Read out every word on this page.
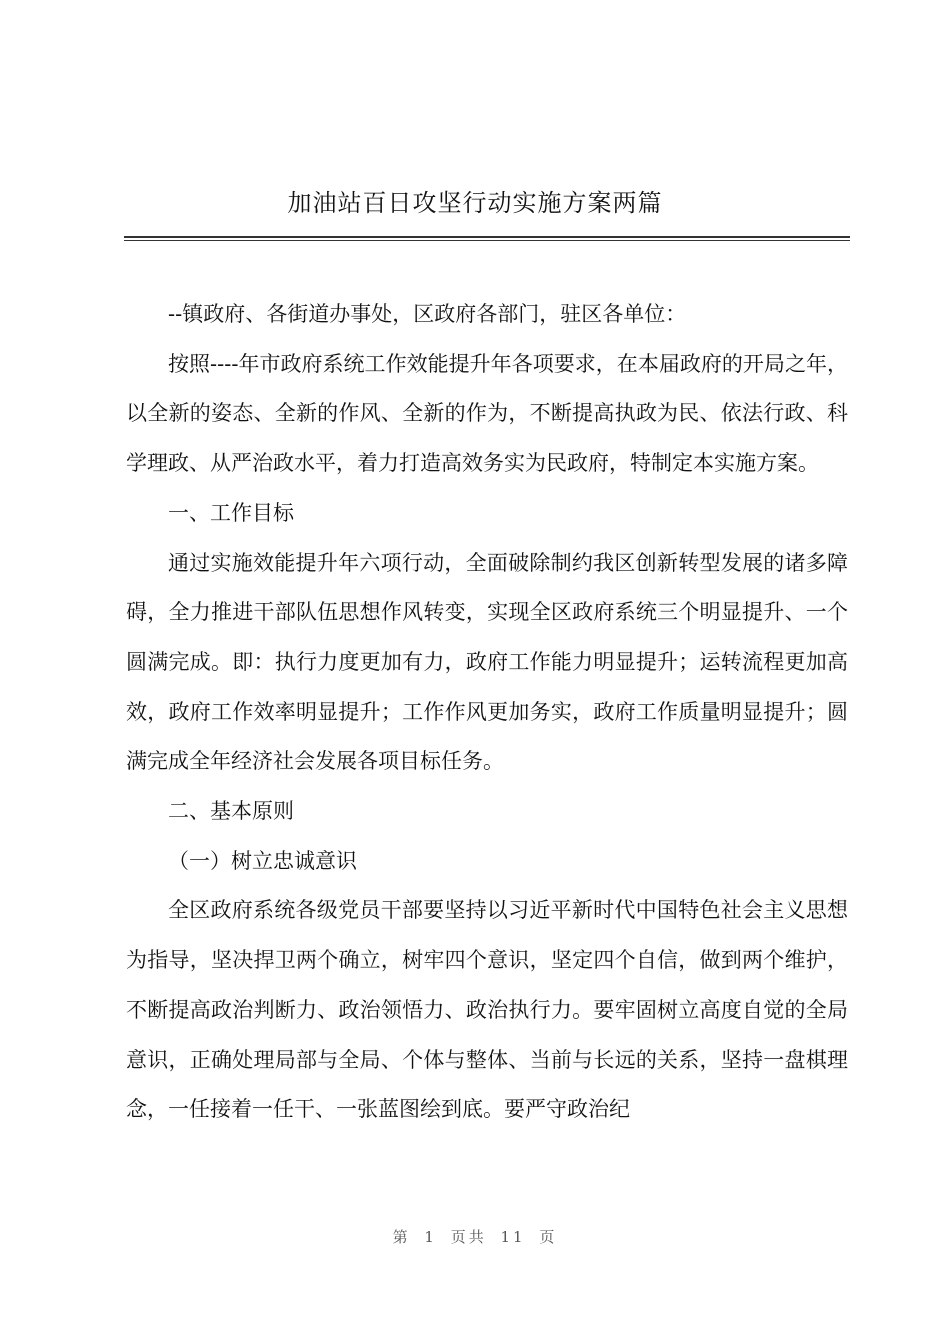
加油站百日攻坚行动实施方案两篇

--镇政府、各街道办事处，区政府各部门，驻区各单位：

按照----年市政府系统工作效能提升年各项要求，在本届政府的开局之年，以全新的姿态、全新的作风、全新的作为，不断提高执政为民、依法行政、科学理政、从严治政水平，着力打造高效务实为民政府，特制定本实施方案。

一、工作目标

通过实施效能提升年六项行动，全面破除制约我区创新转型发展的诸多障碍，全力推进干部队伍思想作风转变，实现全区政府系统三个明显提升、一个圆满完成。即：执行力度更加有力，政府工作能力明显提升；运转流程更加高效，政府工作效率明显提升；工作作风更加务实，政府工作质量明显提升；圆满完成全年经济社会发展各项目标任务。

二、基本原则

（一）树立忠诚意识

全区政府系统各级党员干部要坚持以习近平新时代中国特色社会主义思想为指导，坚决捍卫两个确立，树牢四个意识，坚定四个自信，做到两个维护，不断提高政治判断力、政治领悟力、政治执行力。要牢固树立高度自觉的全局意识，正确处理局部与全局、个体与整体、当前与长远的关系，坚持一盘棋理念，一任接着一任干、一张蓝图绘到底。要严守政治纪

第 1 页共 11 页
